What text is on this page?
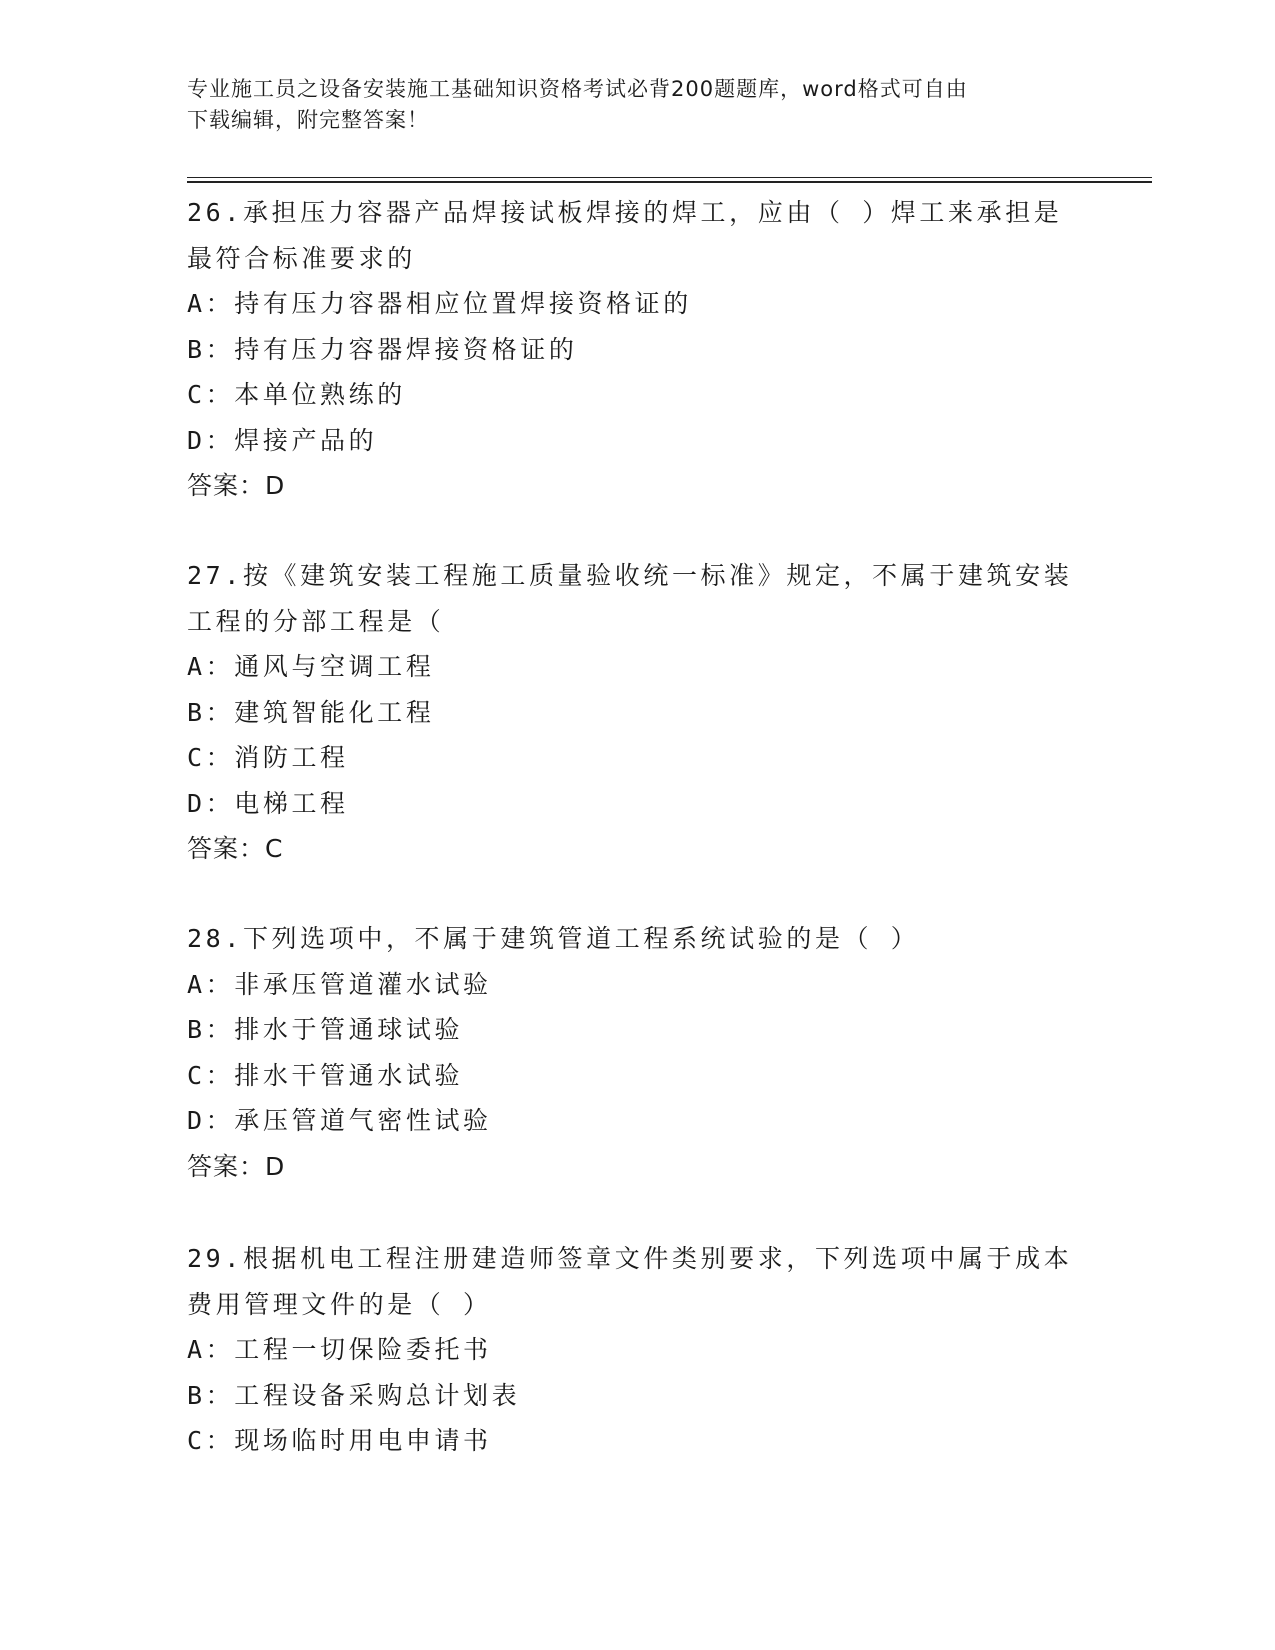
专业施工员之设备安装施工基础知识资格考试必背200题题库，word格式可自由
下载编辑，附完整答案！
26.承担压力容器产品焊接试板焊接的焊工，应由（ ）焊工来承担是
最符合标准要求的
A：持有压力容器相应位置焊接资格证的
B：持有压力容器焊接资格证的
C：本单位熟练的
D：焊接产品的
答案：D
27.按《建筑安装工程施工质量验收统一标准》规定，不属于建筑安装
工程的分部工程是（
A：通风与空调工程
B：建筑智能化工程
C：消防工程
D：电梯工程
答案：C
28.下列选项中，不属于建筑管道工程系统试验的是（ ）
A：非承压管道灌水试验
B：排水于管通球试验
C：排水干管通水试验
D：承压管道气密性试验
答案：D
29.根据机电工程注册建造师签章文件类别要求，下列选项中属于成本
费用管理文件的是（ ）
A：工程一切保险委托书
B：工程设备采购总计划表
C：现场临时用电申请书
